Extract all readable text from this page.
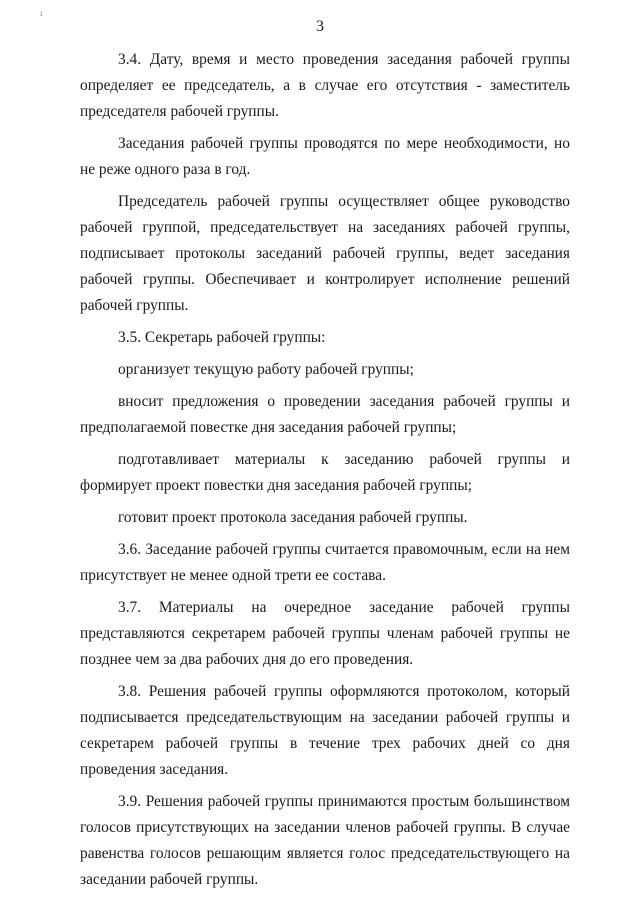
ı
3

3.4. Дату, время и место проведения заседания рабочей группы определяет ее председатель, а в случае его отсутствия - заместитель председателя рабочей группы.

Заседания рабочей группы проводятся по мере необходимости, но не реже одного раза в год.

Председатель рабочей группы осуществляет общее руководство рабочей группой, председательствует на заседаниях рабочей группы, подписывает протоколы заседаний рабочей группы, ведет заседания рабочей группы. Обеспечивает и контролирует исполнение решений рабочей группы.

3.5. Секретарь рабочей группы:

организует текущую работу рабочей группы;

вносит предложения о проведении заседания рабочей группы и предполагаемой повестке дня заседания рабочей группы;

подготавливает материалы к заседанию рабочей группы и формирует проект повестки дня заседания рабочей группы;

готовит проект протокола заседания рабочей группы.

3.6. Заседание рабочей группы считается правомочным, если на нем присутствует не менее одной трети ее состава.

3.7. Материалы на очередное заседание рабочей группы представляются секретарем рабочей группы членам рабочей группы не позднее чем за два рабочих дня до его проведения.

3.8. Решения рабочей группы оформляются протоколом, который подписывается председательствующим на заседании рабочей группы и секретарем рабочей группы в течение трех рабочих дней со дня проведения заседания.

3.9. Решения рабочей группы принимаются простым большинством голосов присутствующих на заседании членов рабочей группы. В случае равенства голосов решающим является голос председательствующего на заседании рабочей группы.
